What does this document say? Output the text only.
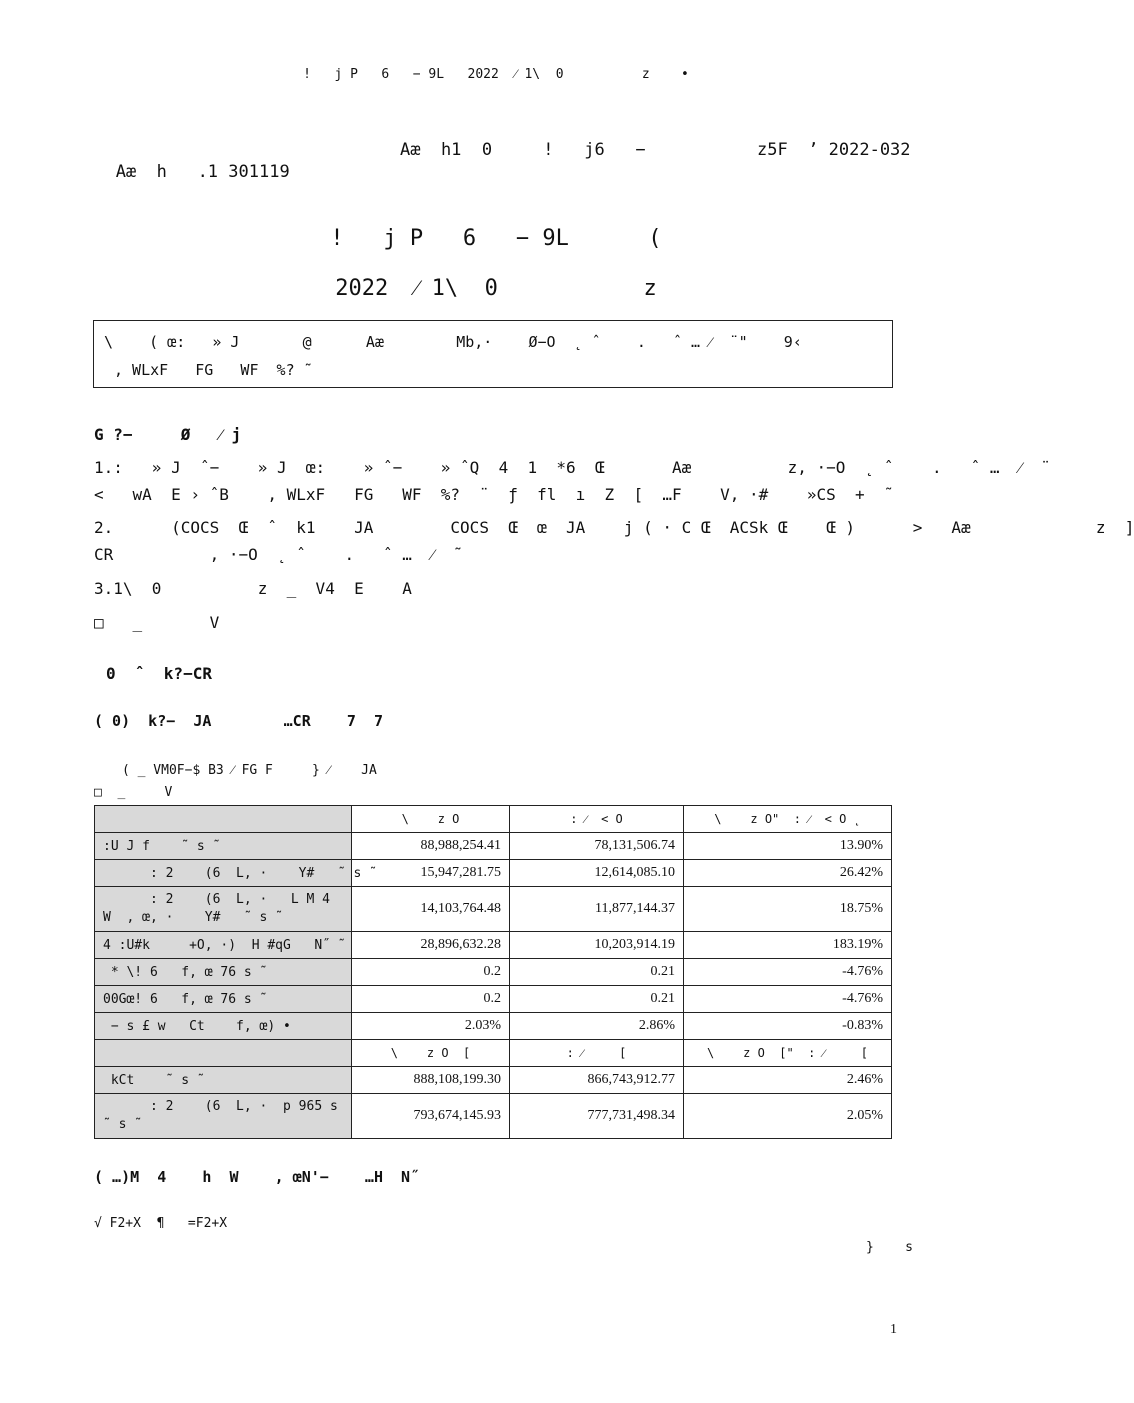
!   j P   6   − 9L   2022  ⁄ 1\  0          z    •

Aæ  h   .1 301119

Aæ  h1  0     !   j6   −	z5F  ʼ 2022-032
!   j P   6   − 9L      (
2022  ⁄ 1\  0           z
\    ( œ:   » J       @      Aæ        Mb,·    Ø−O  ˛ ˆ    .   ˆ … ⁄  ¨"    9‹
, WLxF   FG   WF  %? ˜
G ?−     Ø   ⁄ j
1.:   » J  ˆ−    » J  œ:    » ˆ−    » ˆQ  4  1  *6  Œ       Aæ          z, ·−O  ˛ ˆ    .   ˆ …  ⁄  ¨
<   wA  E › ˆB    , WLxF   FG   WF  %?  ¨  ƒ  fl  ı  Z  [  …F    V, ·#    »CS  +  ˜
2.      (COCS  Œ  ˆ  k1    JA        COCS  Œ  œ  JA    j ( · C Œ  ACSk Œ    Œ )      >   Aæ             z  ]
CR          , ·−O  ˛ ˆ    .   ˆ …  ⁄  ˜
3.1\  0          z  _  V4  E    A
□   _       V
0  ˆ  k?−CR
( 0)  k?−  JA        …CR    7  7
( _ VM0F−$ B3 ⁄ FG F     } ⁄    JA
□  _     V
	\    z O	: ⁄  < O	\    z O"  : ⁄  < O ˛
:U J f    ˜ s ˜	88,988,254.41	78,131,506.74	13.90%
: 2    (6  L, ·    Y#   ˜ s ˜	15,947,281.75	12,614,085.10	26.42%
: 2    (6  L, ·   L M 4
W  , œ, ·    Y#   ˜ s ˜	14,103,764.48	11,877,144.37	18.75%
4 :U#k     +O, ·)  H #qG   N˝ ˜	28,896,632.28	10,203,914.19	183.19%
* \! 6   f, œ 76 s ˜	0.2	0.21	-4.76%
00Gœ! 6   f, œ 76 s ˜	0.2	0.21	-4.76%
− s £ w   Ct    f, œ) •	2.03%	2.86%	-0.83%
	\    z O  [	: ⁄     [	\    z O  ["  : ⁄     [
kCt    ˜ s ˜	888,108,199.30	866,743,912.77	2.46%
: 2    (6  L, ·  p 965 s
˜ s ˜	793,674,145.93	777,731,498.34	2.05%
( …)M  4    h  W    , œN'−    …H  N˝
√ F2+X  ¶   =F2+X
}    s
1
